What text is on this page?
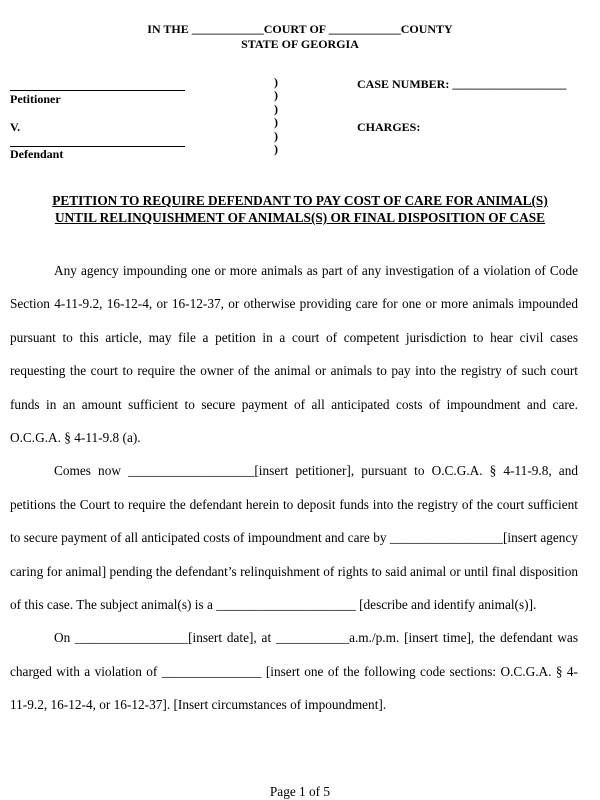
IN THE ____________COURT OF ____________COUNTY
STATE OF GEORGIA
Petitioner
V.
Defendant
)
)
)
)
)
)
CASE NUMBER: ___________________
CHARGES:
PETITION TO REQUIRE DEFENDANT TO PAY COST OF CARE FOR ANIMAL(S)
UNTIL RELINQUISHMENT OF ANIMALS(S) OR FINAL DISPOSITION OF CASE

Any agency impounding one or more animals as part of any investigation of a violation of Code Section 4-11-9.2, 16-12-4, or 16-12-37, or otherwise providing care for one or more animals impounded pursuant to this article, may file a petition in a court of competent jurisdiction to hear civil cases requesting the court to require the owner of the animal or animals to pay into the registry of such court funds in an amount sufficient to secure payment of all anticipated costs of impoundment and care. O.C.G.A. § 4-11-9.8 (a).

Comes now ___________________[insert petitioner], pursuant to O.C.G.A. § 4-11-9.8, and petitions the Court to require the defendant herein to deposit funds into the registry of the court sufficient to secure payment of all anticipated costs of impoundment and care by _________________[insert agency caring for animal] pending the defendant’s relinquishment of rights to said animal or until final disposition of this case. The subject animal(s) is a _____________________ [describe and identify animal(s)].

On _________________[insert date], at ___________a.m./p.m. [insert time], the defendant was charged with a violation of _______________ [insert one of the following code sections: O.C.G.A. § 4-11-9.2, 16-12-4, or 16-12-37]. [Insert circumstances of impoundment].

Page 1 of 5
